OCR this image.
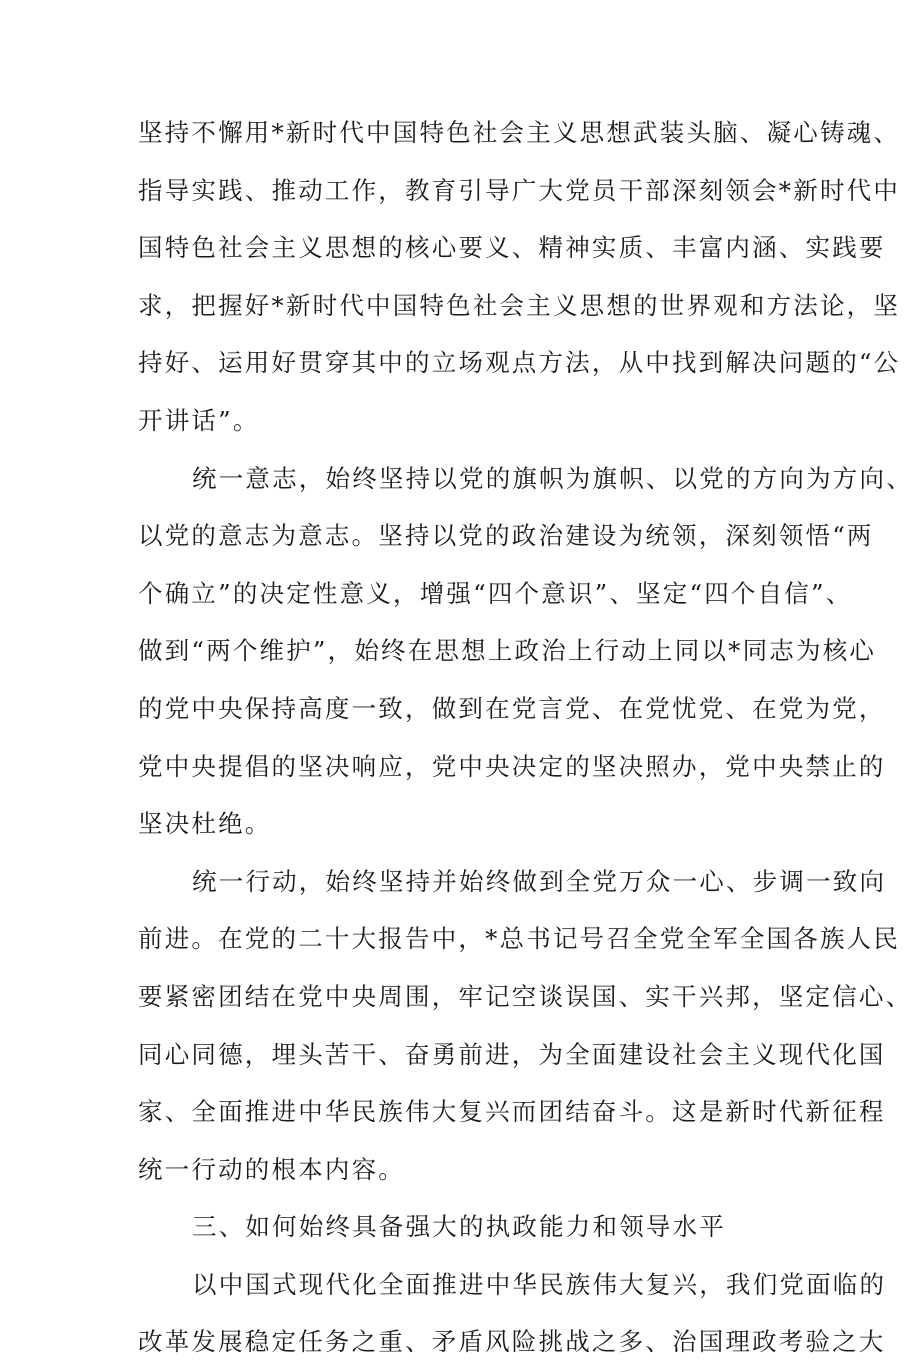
坚持不懈用*新时代中国特色社会主义思想武装头脑、凝心铸魂、
指导实践、推动工作，教育引导广大党员干部深刻领会*新时代中
国特色社会主义思想的核心要义、精神实质、丰富内涵、实践要
求，把握好*新时代中国特色社会主义思想的世界观和方法论，坚
持好、运用好贯穿其中的立场观点方法，从中找到解决问题的“公
开讲话”。
统一意志，始终坚持以党的旗帜为旗帜、以党的方向为方向、
以党的意志为意志。坚持以党的政治建设为统领，深刻领悟“两
个确立”的决定性意义，增强“四个意识”、坚定“四个自信”、
做到“两个维护”，始终在思想上政治上行动上同以*同志为核心
的党中央保持高度一致，做到在党言党、在党忧党、在党为党，
党中央提倡的坚决响应，党中央决定的坚决照办，党中央禁止的
坚决杜绝。
统一行动，始终坚持并始终做到全党万众一心、步调一致向
前进。在党的二十大报告中，*总书记号召全党全军全国各族人民
要紧密团结在党中央周围，牢记空谈误国、实干兴邦，坚定信心、
同心同德，埋头苦干、奋勇前进，为全面建设社会主义现代化国
家、全面推进中华民族伟大复兴而团结奋斗。这是新时代新征程
统一行动的根本内容。
三、如何始终具备强大的执政能力和领导水平
以中国式现代化全面推进中华民族伟大复兴，我们党面临的
改革发展稳定任务之重、矛盾风险挑战之多、治国理政考验之大
